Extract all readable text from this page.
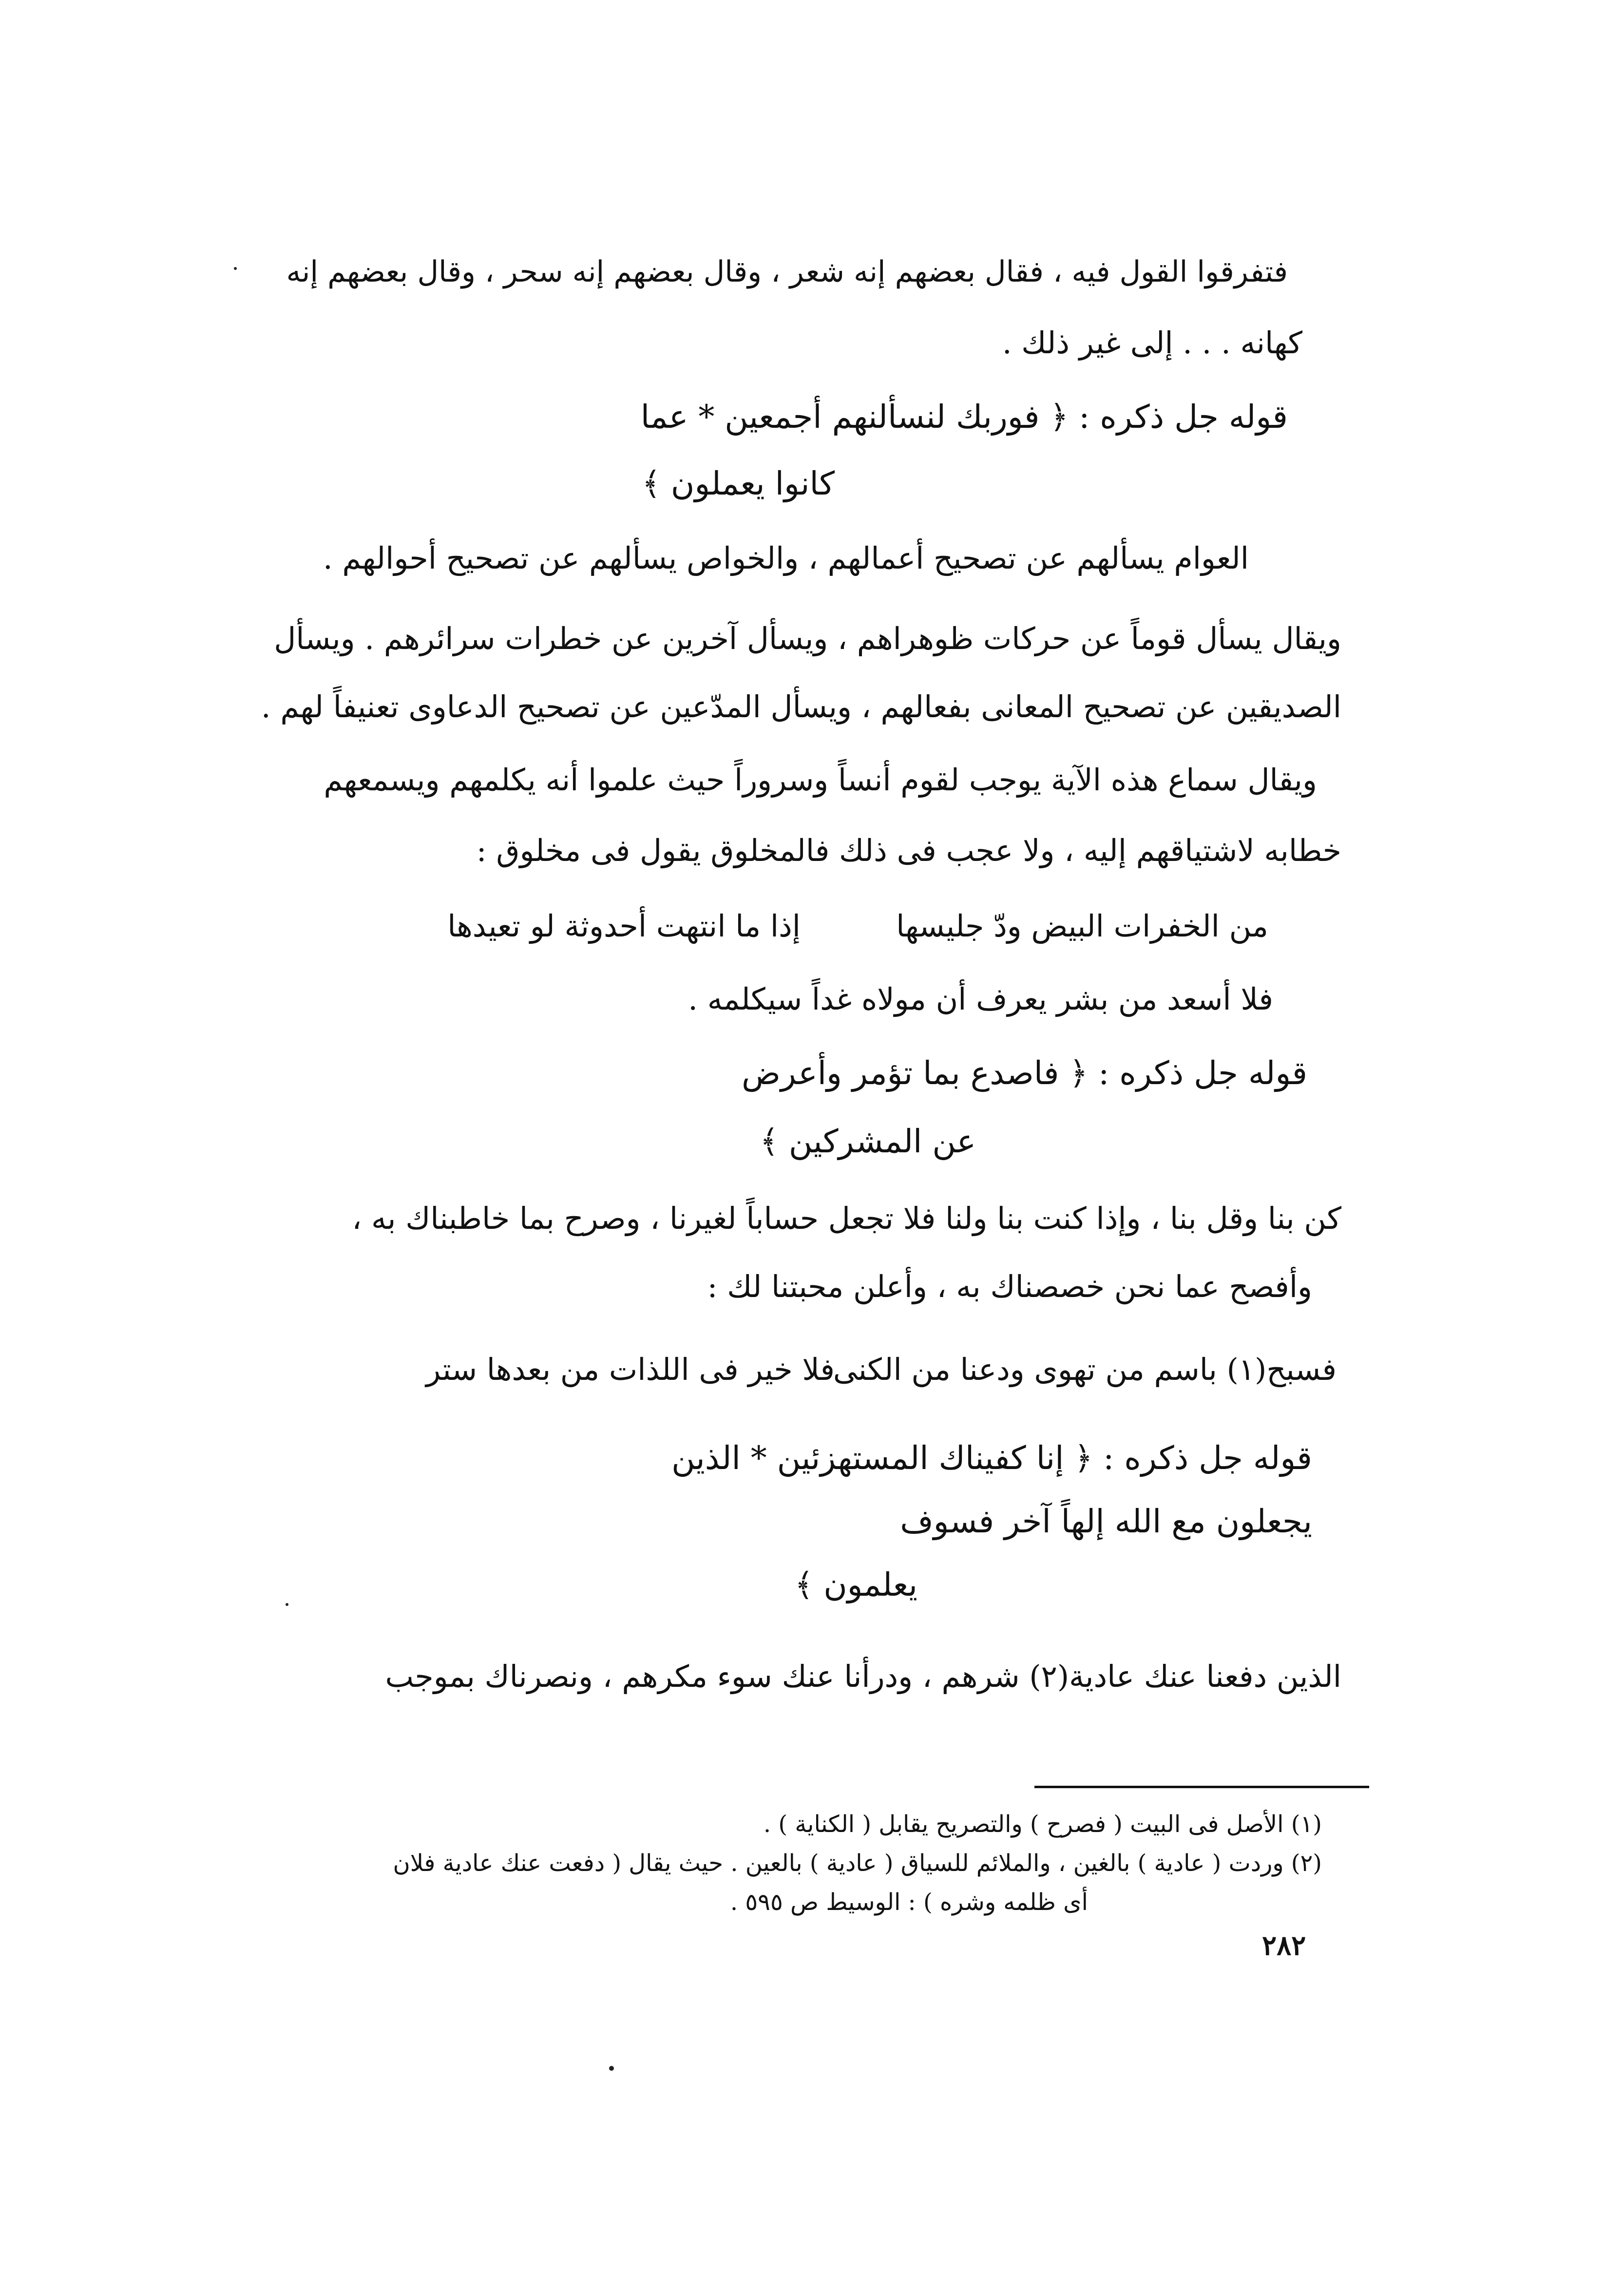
فتفرقوا القول فيه ، فقال بعضهم إنه شعر ، وقال بعضهم إنه سحر ، وقال بعضهم إنه
كهانه . . . إلى غير ذلك .
قوله جل ذكره : ﴿ فوربك لنسألنهم أجمعين * عما
كانوا يعملون ﴾
العوام يسألهم عن تصحيح أعمالهم ، والخواص يسألهم عن تصحيح أحوالهم .
ويقال يسأل قوماً عن حركات ظوهراهم ، ويسأل آخرين عن خطرات سرائرهم . ويسأل
الصديقين عن تصحيح المعانى بفعالهم ، ويسأل المدّعين عن تصحيح الدعاوى تعنيفاً لهم .
ويقال سماع هذه الآية يوجب لقوم أنساً وسروراً حيث علموا أنه يكلمهم ويسمعهم
خطابه لاشتياقهم إليه ، ولا عجب فى ذلك فالمخلوق يقول فى مخلوق :
من الخفرات البيض ودّ جليسها
إذا ما انتهت أحدوثة لو تعيدها
فلا أسعد من بشر يعرف أن مولاه غداً سيكلمه .
قوله جل ذكره : ﴿ فاصدع بما تؤمر وأعرض
عن المشركين ﴾
كن بنا وقل بنا ، وإذا كنت بنا ولنا فلا تجعل حساباً لغيرنا ، وصرح بما خاطبناك به ،
وأفصح عما نحن خصصناك به ، وأعلن محبتنا لك :
فسبح(١) باسم من تهوى ودعنا من الكنى
فلا خير فى اللذات من بعدها ستر
قوله جل ذكره : ﴿ إنا كفيناك المستهزئين * الذين
يجعلون مع الله إلهاً آخر فسوف
يعلمون ﴾
الذين دفعنا عنك عادية(٢) شرهم ، ودرأنا عنك سوء مكرهم ، ونصرناك بموجب
(١) الأصل فى البيت ( فصرح ) والتصريح يقابل ( الكناية ) .
(٢) وردت ( عادية ) بالغين ، والملائم للسياق ( عادية ) بالعين . حيث يقال ( دفعت عنك عادية فلان
أى ظلمه وشره ) : الوسيط ص ٥٩٥ .
٢٨٢
